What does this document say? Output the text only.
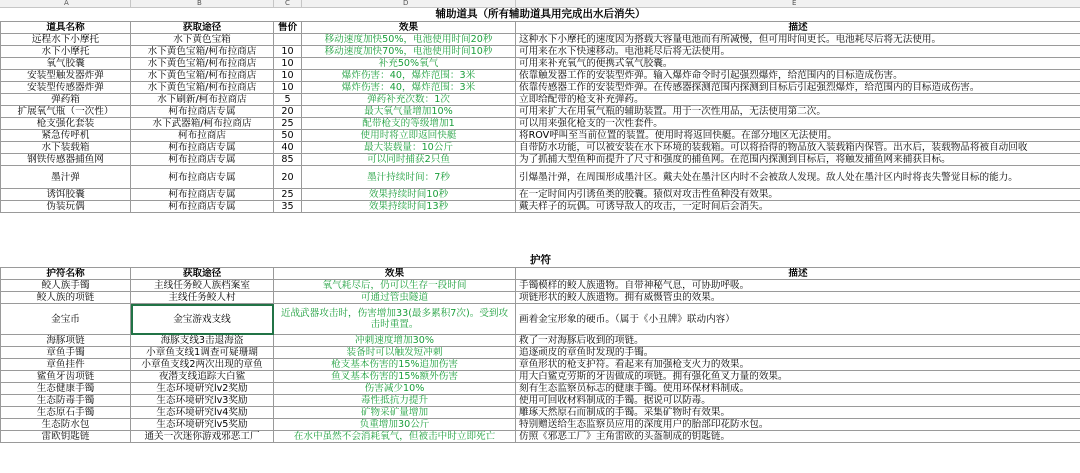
A	B	C	D	E
辅助道具（所有辅助道具用完成出水后消失）				
道具名称	获取途径	售价	效果	描述
远程水下小摩托	水下黄色宝箱		移动速度加快50%，电池使用时间20秒	这种水下小摩托的速度因为搭载大容量电池而有所减慢，但可用时间更长。电池耗尽后将无法使用。
水下小摩托	水下黄色宝箱/柯布拉商店	10	移动速度加快70%，电池使用时间10秒	可用来在水下快速移动。电池耗尽后将无法使用。
氧气胶囊	水下黄色宝箱/柯布拉商店	10	补充50%氧气	可用来补充氧气的便携式氧气胶囊。
安装型触发器炸弹	水下黄色宝箱/柯布拉商店	10	爆炸伤害：40，爆炸范围：3米	依靠触发器工作的安装型炸弹。输入爆炸命令时引起强烈爆炸，给范围内的目标造成伤害。
安装型传感器炸弹	水下黄色宝箱/柯布拉商店	10	爆炸伤害：40，爆炸范围：3米	依靠传感器工作的安装型炸弹。在传感器探测范围内探测到目标后引起强烈爆炸，给范围内的目标造成伤害。
弹药箱	水下刷新/柯布拉商店	5	弹药补充次数：1次	立即给配带的枪支补充弹药。
扩展氧气瓶（一次性）	柯布拉商店专属	20	最大氧气量增加10%	可用来扩大在用氧气瓶的辅助装置。用于一次性用品，无法使用第二次。
枪支强化套装	水下武器箱/柯布拉商店	25	配带枪支的等级增加1	可以用来强化枪支的一次性套件。
紧急传呼机	柯布拉商店	50	使用时将立即返回快艇	将ROV呼叫至当前位置的装置。使用时将返回快艇。在部分地区无法使用。
水下装载箱	柯布拉商店专属	40	最大装载量：10公斤	自带防水功能，可以被安装在水下环境的装载箱。可以将拾得的物品放入装载箱内保管。出水后，装载物品将被自动回收
钢铁传感器捕鱼网	柯布拉商店专属	85	可以同时捕获2只鱼	为了抓捕大型鱼种而提升了尺寸和强度的捕鱼网。在范围内探测到目标后，将触发捕鱼网来捕获目标。
墨汁弹	柯布拉商店专属	20	墨汁持续时间：7秒	引爆墨汁弹，在周围形成墨汁区。戴夫处在墨汁区内时不会被敌人发现。敌人处在墨汁区内时将丧失警觉目标的能力。
诱饵胶囊	柯布拉商店专属	25	效果持续时间10秒	在一定时间内引诱鱼类的胶囊。猿似对攻击性鱼种没有效果。
伪装玩偶	柯布拉商店专属	35	效果持续时间13秒	戴夫样子的玩偶。可诱导敌人的攻击，一定时间后会消失。
护符			
护符名称	获取途径	效果	描述
鲛人族手镯	主线任务鲛人族档案室	氧气耗尽后，仍可以生存一段时间	手镯模样的鲛人族遗物。自带神秘气息，可协助呼吸。
鲛人族的项链	主线任务鲛人村	可通过管虫隧道	项链形状的鲛人族遗物。拥有威慑管虫的效果。
金宝币	金宝游戏支线	近战武器攻击时，伤害增加33(最多累积7次)。受到攻击时重置。	画着金宝形象的硬币。（属于《小丑牌》联动内容）
海豚项链	海豚支线3击退海盗	冲刺速度增加30%	救了一对海豚后收到的项链。
章鱼手镯	小章鱼支线1调查可疑珊瑚	装备时可以触发短冲刺	追逐顽皮的章鱼时发现的手镯。
章鱼挂件	小章鱼支线2两次出现的章鱼	枪支基本伤害的15%追加伤害	章鱼形状的枪支护符。看起来有加强枪支火力的效果。
鲨鱼牙齿项链	夜潜支线追踪大白鲨	鱼叉基本伤害的15%额外伤害	用大白鲨克劳斯的牙齿做成的项链。拥有强化鱼叉力量的效果。
生态健康手镯	生态环境研究lv2奖励	伤害减少10%	刻有生态监察员标志的健康手镯。使用环保材料制成。
生态防毒手镯	生态环境研究lv3奖励	毒性抵抗力提升	使用可回收材料制成的手镯。据说可以防毒。
生态原石手镯	生态环境研究lv4奖励	矿物采矿量增加	雕琢天然原石而制成的手镯。采集矿物时有效果。
生态防水包	生态环境研究lv5奖励	负重增加30公斤	特别赠送给生态监察员应用的深度用户的胎部印花防水包。
雷欧钥匙链	通关一次迷你游戏邪恶工厂	在水中虽然不会消耗氧气，但被击中时立即死亡	仿照《邪恶工厂》主角雷欧的头盔制成的钥匙链。
